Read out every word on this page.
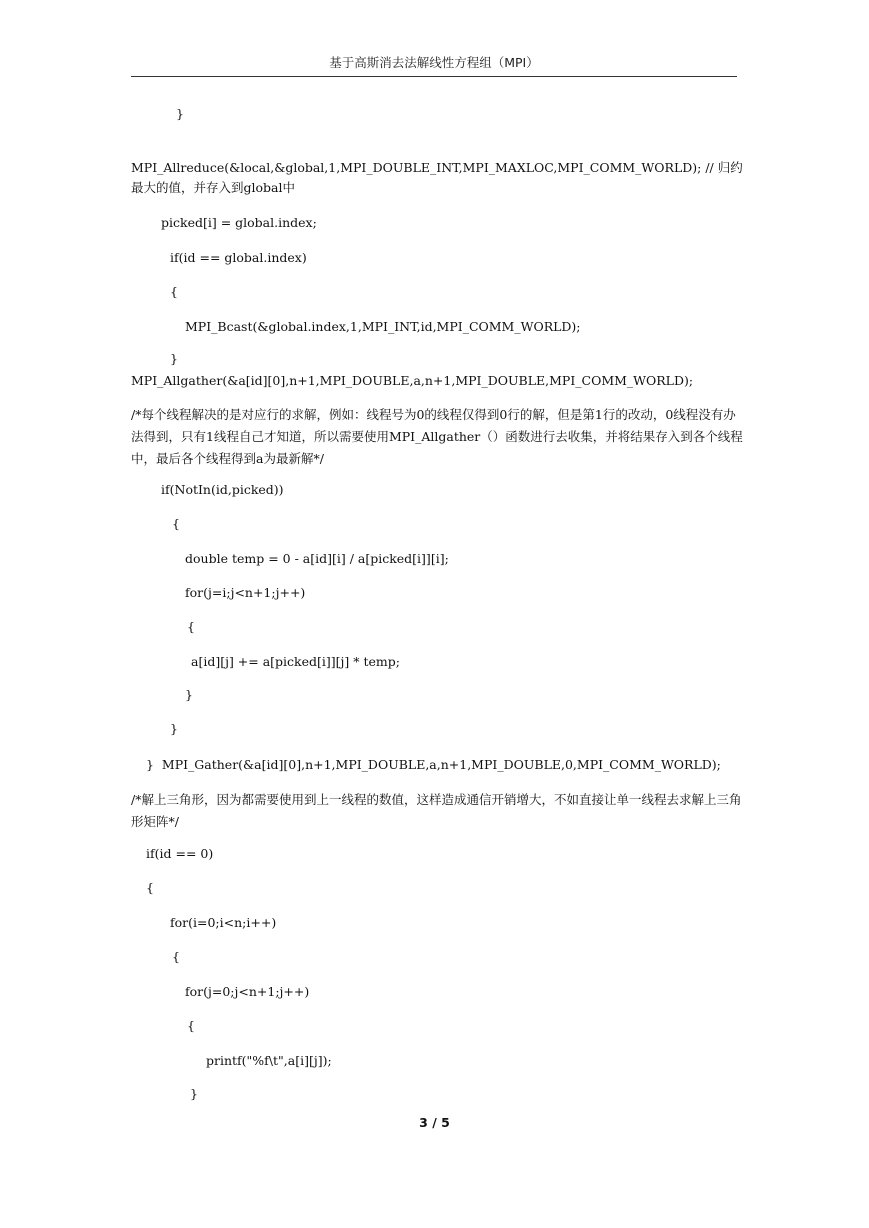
基于高斯消去法解线性方程组（MPI）
}
MPI_Allreduce(&local,&global,1,MPI_DOUBLE_INT,MPI_MAXLOC,MPI_COMM_WORLD); // 归约最大的值，并存入到global中
picked[i] = global.index;
if(id == global.index)
{
MPI_Bcast(&global.index,1,MPI_INT,id,MPI_COMM_WORLD);
}
MPI_Allgather(&a[id][0],n+1,MPI_DOUBLE,a,n+1,MPI_DOUBLE,MPI_COMM_WORLD);
/*每个线程解决的是对应行的求解，例如：线程号为0的线程仅得到0行的解，但是第1行的改动，0线程没有办法得到，只有1线程自己才知道，所以需要使用MPI_Allgather（）函数进行去收集，并将结果存入到各个线程中，最后各个线程得到a为最新解*/
if(NotIn(id,picked))
{
double temp = 0 - a[id][i] / a[picked[i]][i];
for(j=i;j<n+1;j++)
{
a[id][j] += a[picked[i]][j] * temp;
}
}
}  MPI_Gather(&a[id][0],n+1,MPI_DOUBLE,a,n+1,MPI_DOUBLE,0,MPI_COMM_WORLD);
/*解上三角形，因为都需要使用到上一线程的数值，这样造成通信开销增大，不如直接让单一线程去求解上三角形矩阵*/
if(id == 0)
{
for(i=0;i<n;i++)
{
for(j=0;j<n+1;j++)
{
printf("%f\t",a[i][j]);
}
3 / 5
